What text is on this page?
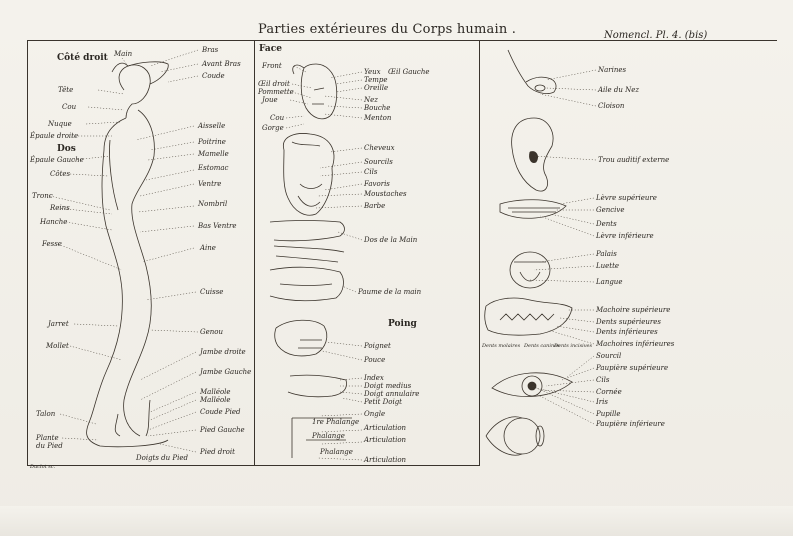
Parties extérieures du Corps humain .	Nomencl. Pl. 4. (bis)
Côté droit
Dos
Main
Tête
Cou
Nuque
Épaule droite
Épaule Gauche
Côtes
Tronc
Reins
Hanche
Fesse
Jarret
Mollet
Talon
Plante du Pied
Bras
Avant Bras
Coude
Aisselle
Poitrine
Mamelle
Estomac
Ventre
Nombril
Bas Ventre
Aine
Cuisse
Genou
Jambe droite
Jambe Gauche
Malléole
Malléole
Coude Pied
Pied Gauche
Pied droit
Doigts du Pied
Face
Poing
Front
Œil droit
Pommette
Joue
Cou
Gorge
Yeux Œil Gauche
Tempe
Oreille
Nez
Bouche
Menton
Cheveux
Sourcils
Cils
Favoris
Moustaches
Barbe
Dos de la Main
Paume de la main
Poignet
Pouce
Index
Doigt medius
Doigt annulaire
Petit Doigt
Ongle
1re Phalange
Phalange
Phalange
Articulation
Articulation
Articulation
Narines
Aile du Nez
Cloison
Trou auditif externe
Lèvre supérieure
Gencive
Dents
Lèvre inférieure
Palais
Luette
Langue
Machoire supérieure
Dents supérieures
Dents inférieures
Machoires inférieures
Dents molaires Dents canines
Dents incisives
Sourcil
Paupière supérieure
Cils
Cornée
Iris
Pupille
Paupière inférieure
Duclot sc.
